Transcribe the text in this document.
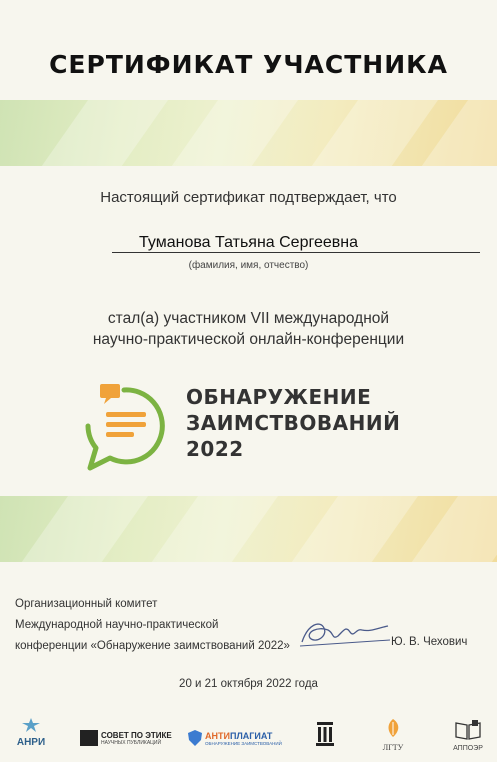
СЕРТИФИКАТ УЧАСТНИКА
Настоящий сертификат подтверждает, что
Туманова Татьяна Сергеевна
(фамилия, имя, отчество)
стал(а) участником VII международной
научно-практической онлайн-конференции
ОБНАРУЖЕНИЕ
ЗАИМСТВОВАНИЙ
2022
Организационный комитет
Международной научно-практической
конференции «Обнаружение заимствований 2022»	Ю. В. Чехович
20 и 21 октября 2022 года
АНРИ
СОВЕТ ПО ЭТИКЕ
НАУЧНЫХ ПУБЛИКАЦИЙ
АНТИПЛАГИАТ
ОБНАРУЖЕНИЕ ЗАИМСТВОВАНИЙ	ЛГТУ	АППОЭР
